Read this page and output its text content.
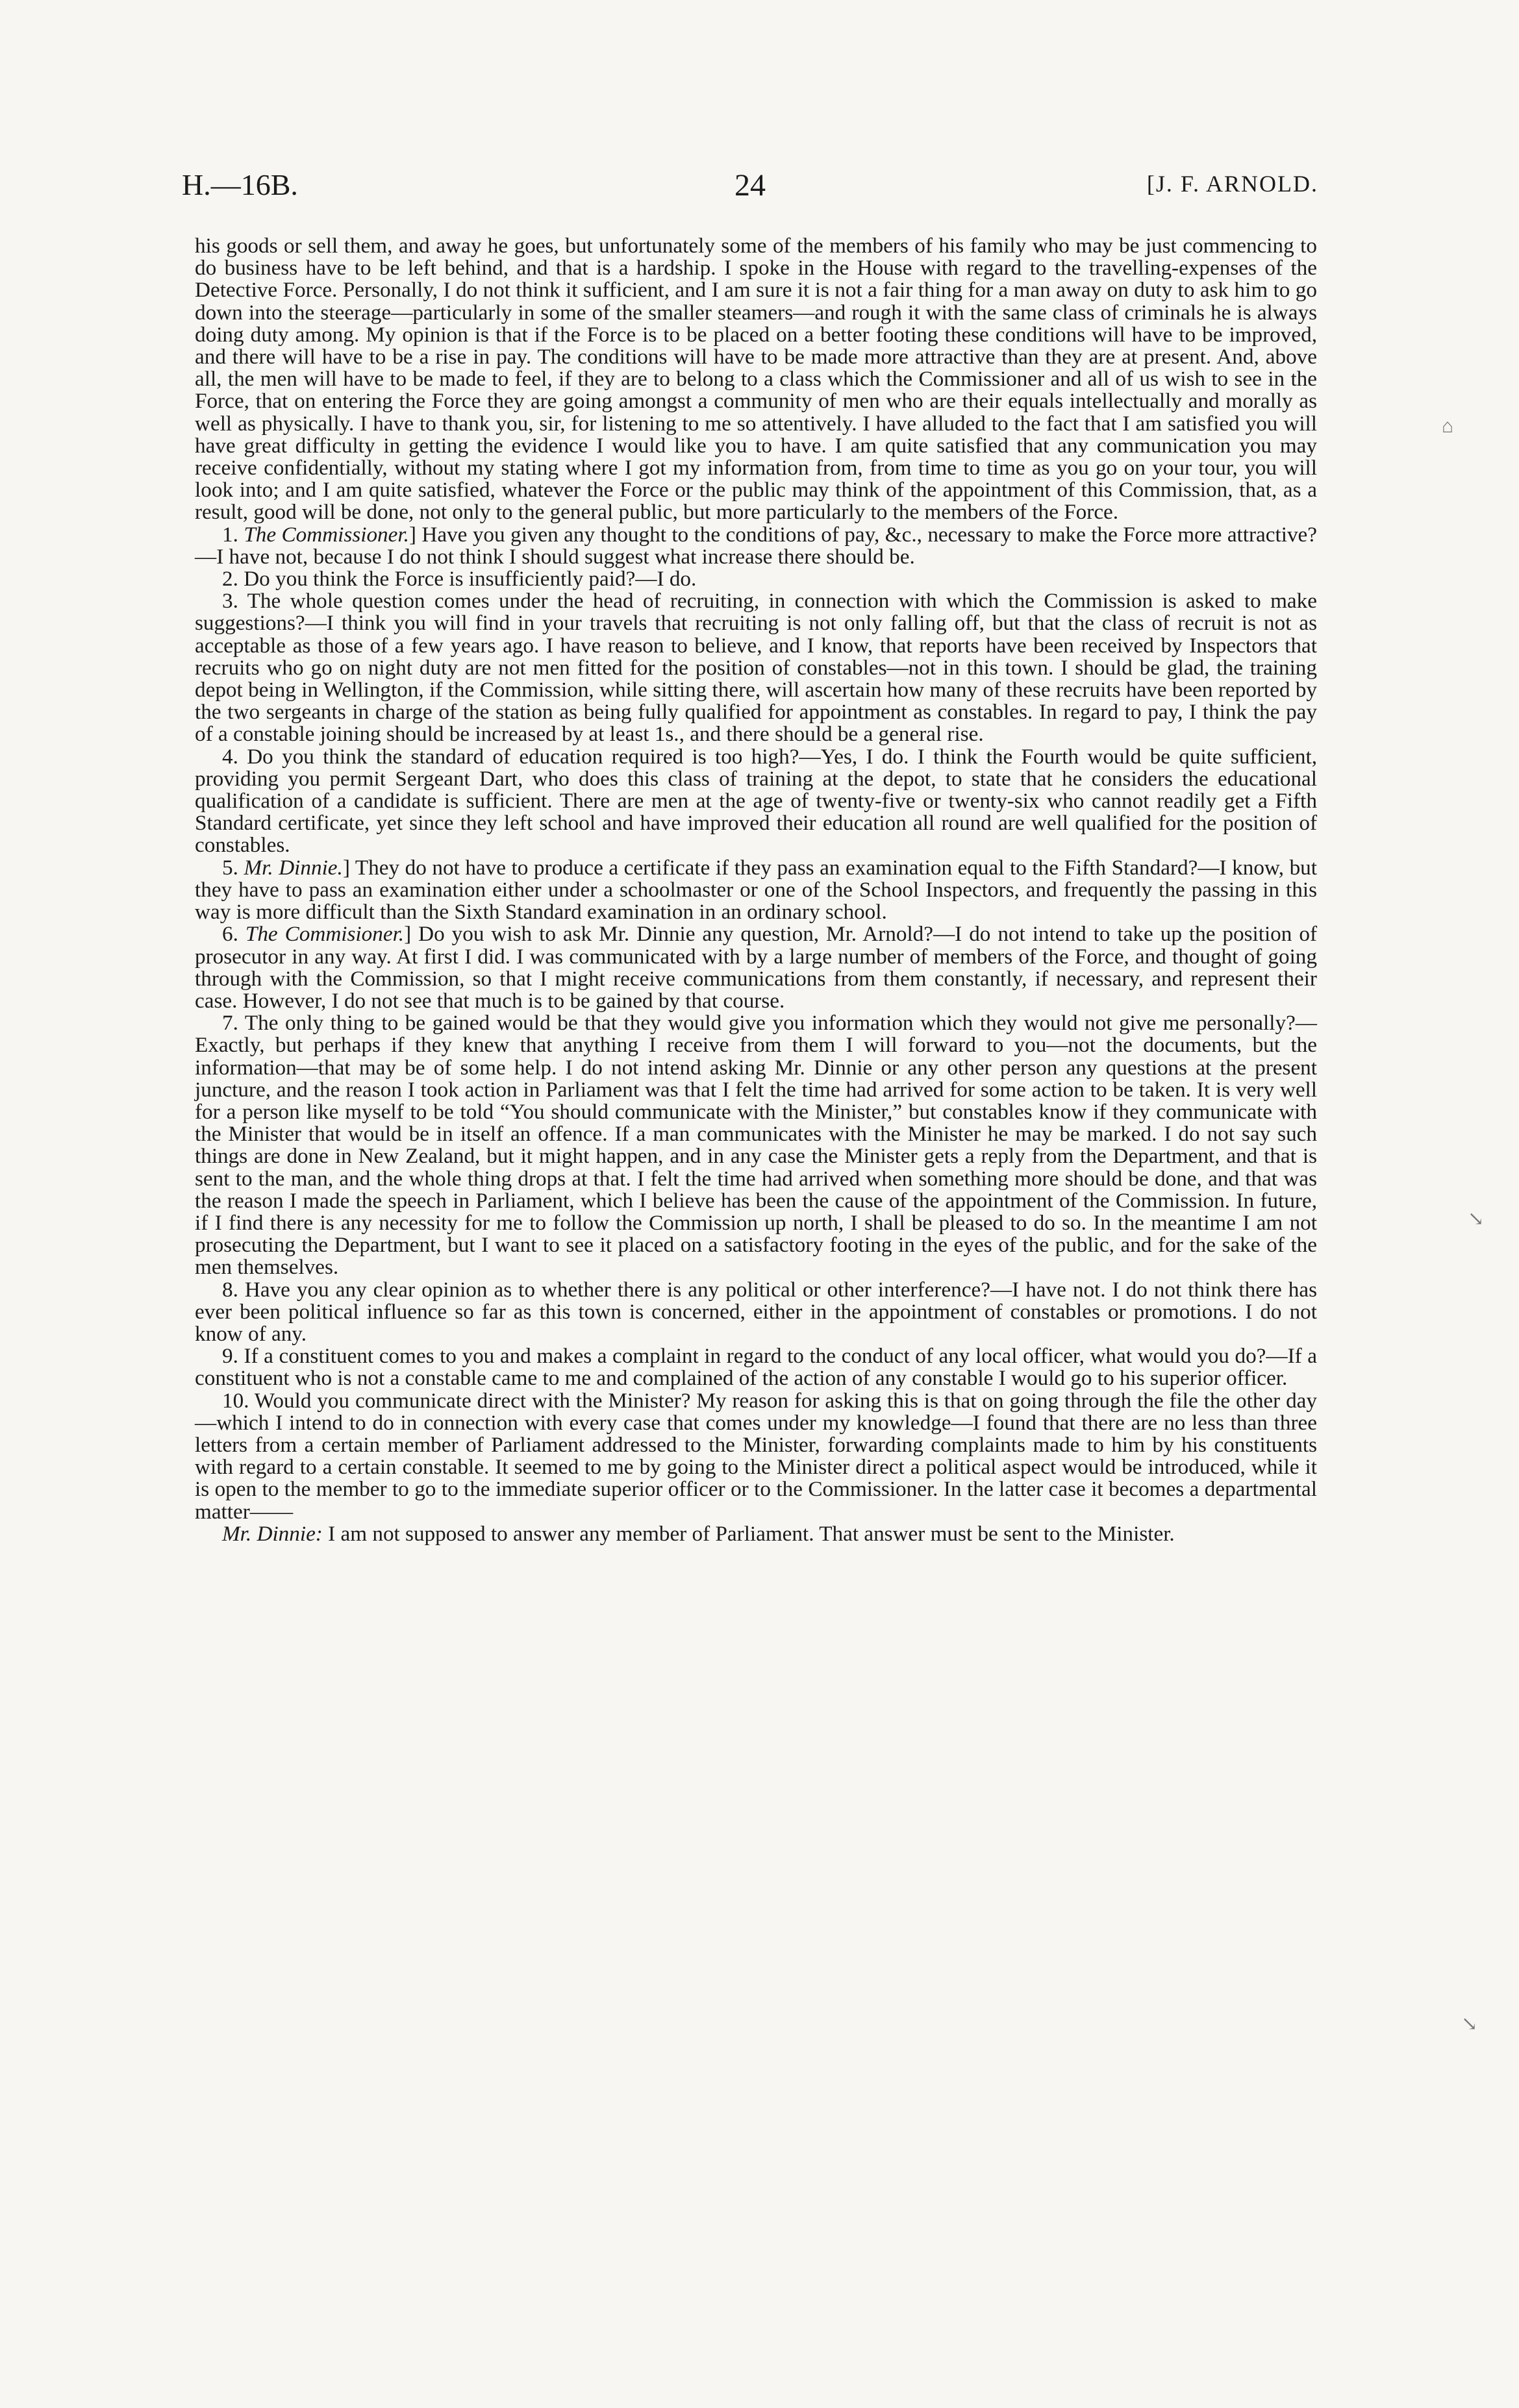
H.—16B.	24	[J. F. ARNOLD.

his goods or sell them, and away he goes, but unfortunately some of the members of his family who may be just commencing to do business have to be left behind, and that is a hardship. I spoke in the House with regard to the travelling-expenses of the Detective Force. Personally, I do not think it sufficient, and I am sure it is not a fair thing for a man away on duty to ask him to go down into the steerage—particularly in some of the smaller steamers—and rough it with the same class of criminals he is always doing duty among. My opinion is that if the Force is to be placed on a better footing these conditions will have to be improved, and there will have to be a rise in pay. The conditions will have to be made more attractive than they are at present. And, above all, the men will have to be made to feel, if they are to belong to a class which the Commissioner and all of us wish to see in the Force, that on entering the Force they are going amongst a community of men who are their equals intellectually and morally as well as physically. I have to thank you, sir, for listening to me so attentively. I have alluded to the fact that I am satisfied you will have great difficulty in getting the evidence I would like you to have. I am quite satisfied that any communication you may receive confidentially, without my stating where I got my information from, from time to time as you go on your tour, you will look into; and I am quite satisfied, whatever the Force or the public may think of the appointment of this Commission, that, as a result, good will be done, not only to the general public, but more particularly to the members of the Force.

1. The Commissioner.] Have you given any thought to the conditions of pay, &c., necessary to make the Force more attractive?—I have not, because I do not think I should suggest what increase there should be.

2. Do you think the Force is insufficiently paid?—I do.

3. The whole question comes under the head of recruiting, in connection with which the Commission is asked to make suggestions?—I think you will find in your travels that recruiting is not only falling off, but that the class of recruit is not as acceptable as those of a few years ago. I have reason to believe, and I know, that reports have been received by Inspectors that recruits who go on night duty are not men fitted for the position of constables—not in this town. I should be glad, the training depot being in Wellington, if the Commission, while sitting there, will ascertain how many of these recruits have been reported by the two sergeants in charge of the station as being fully qualified for appointment as constables. In regard to pay, I think the pay of a constable joining should be increased by at least 1s., and there should be a general rise.

4. Do you think the standard of education required is too high?—Yes, I do. I think the Fourth would be quite sufficient, providing you permit Sergeant Dart, who does this class of training at the depot, to state that he considers the educational qualification of a candidate is sufficient. There are men at the age of twenty-five or twenty-six who cannot readily get a Fifth Standard certificate, yet since they left school and have improved their education all round are well qualified for the position of constables.

5. Mr. Dinnie.] They do not have to produce a certificate if they pass an examination equal to the Fifth Standard?—I know, but they have to pass an examination either under a schoolmaster or one of the School Inspectors, and frequently the passing in this way is more difficult than the Sixth Standard examination in an ordinary school.

6. The Commisioner.] Do you wish to ask Mr. Dinnie any question, Mr. Arnold?—I do not intend to take up the position of prosecutor in any way. At first I did. I was communicated with by a large number of members of the Force, and thought of going through with the Commission, so that I might receive communications from them constantly, if necessary, and represent their case. However, I do not see that much is to be gained by that course.

7. The only thing to be gained would be that they would give you information which they would not give me personally?—Exactly, but perhaps if they knew that anything I receive from them I will forward to you—not the documents, but the information—that may be of some help. I do not intend asking Mr. Dinnie or any other person any questions at the present juncture, and the reason I took action in Parliament was that I felt the time had arrived for some action to be taken. It is very well for a person like myself to be told “You should communicate with the Minister,” but constables know if they communicate with the Minister that would be in itself an offence. If a man communicates with the Minister he may be marked. I do not say such things are done in New Zealand, but it might happen, and in any case the Minister gets a reply from the Department, and that is sent to the man, and the whole thing drops at that. I felt the time had arrived when something more should be done, and that was the reason I made the speech in Parliament, which I believe has been the cause of the appointment of the Commission. In future, if I find there is any necessity for me to follow the Commission up north, I shall be pleased to do so. In the meantime I am not prosecuting the Department, but I want to see it placed on a satisfactory footing in the eyes of the public, and for the sake of the men themselves.

8. Have you any clear opinion as to whether there is any political or other interference?—I have not. I do not think there has ever been political influence so far as this town is concerned, either in the appointment of constables or promotions. I do not know of any.

9. If a constituent comes to you and makes a complaint in regard to the conduct of any local officer, what would you do?—If a constituent who is not a constable came to me and complained of the action of any constable I would go to his superior officer.

10. Would you communicate direct with the Minister? My reason for asking this is that on going through the file the other day—which I intend to do in connection with every case that comes under my knowledge—I found that there are no less than three letters from a certain member of Parliament addressed to the Minister, forwarding complaints made to him by his constituents with regard to a certain constable. It seemed to me by going to the Minister direct a political aspect would be introduced, while it is open to the member to go to the immediate superior officer or to the Commissioner. In the latter case it becomes a departmental matter——

Mr. Dinnie: I am not supposed to answer any member of Parliament. That answer must be sent to the Minister.

⌂
↘
↘
